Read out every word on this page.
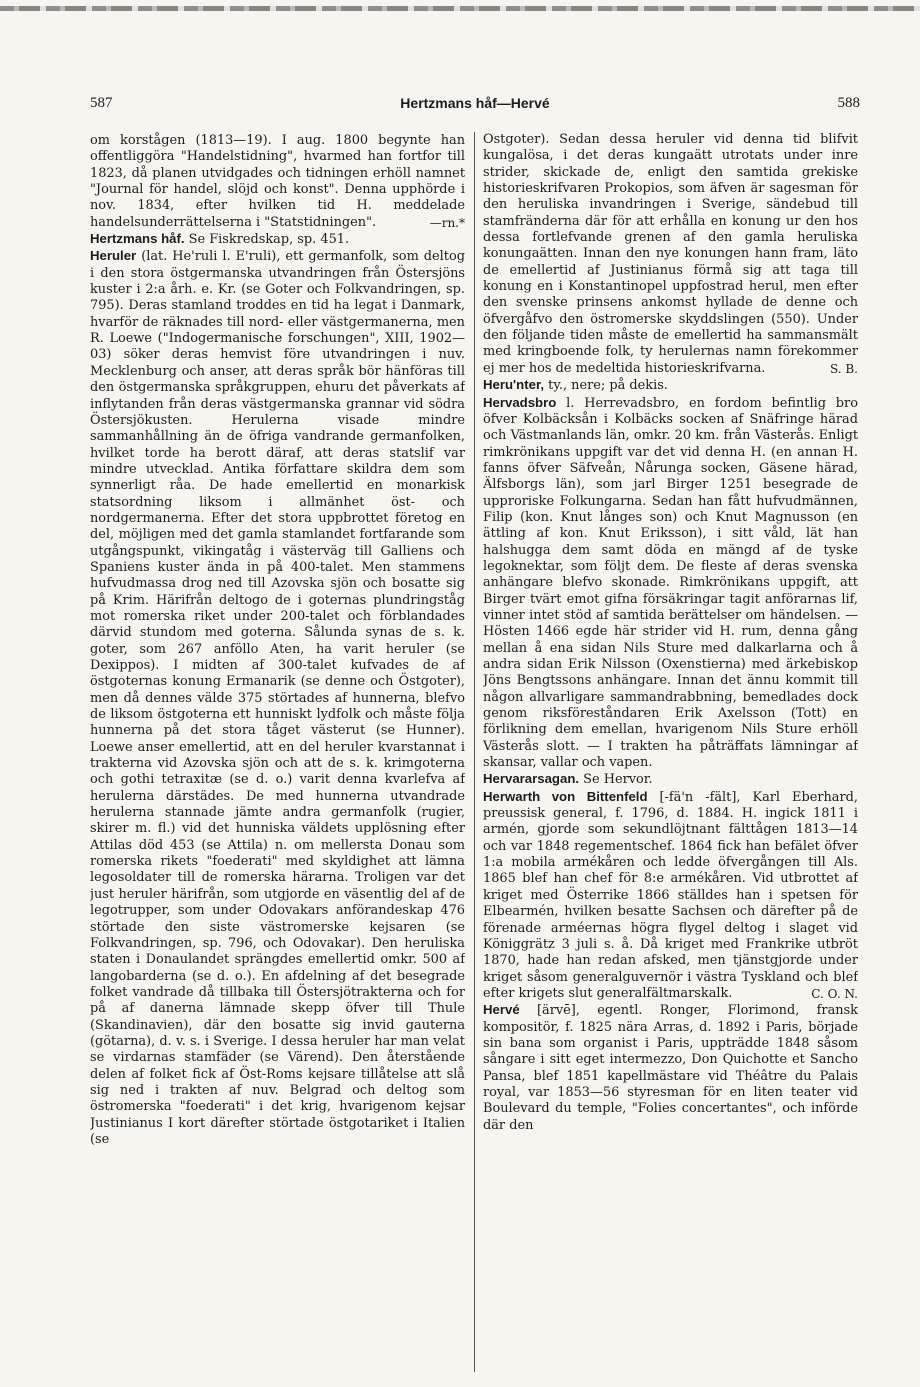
587	Hertzmans håf—Hervé	588

om korstågen (1813—19). I aug. 1800 begynte han offentliggöra "Handelstidning", hvarmed han fortfor till 1823, då planen utvidgades och tidningen erhöll namnet "Journal för handel, slöjd och konst". Denna upphörde i nov. 1834, efter hvilken tid H. meddelade handelsunderrättelserna i "Statstidningen".	—rn.*

Hertzmans håf. Se Fiskredskap, sp. 451.

Heruler (lat. He'ruli l. E'ruli), ett germanfolk, som deltog i den stora östgermanska utvandringen från Östersjöns kuster i 2:a årh. e. Kr. (se Goter och Folkvandringen, sp. 795). Deras stamland troddes en tid ha legat i Danmark, hvarför de räknades till nord- eller västgermanerna, men R. Loewe ("Indogermanische forschungen", XIII, 1902—03) söker deras hemvist före utvandringen i nuv. Mecklenburg och anser, att deras språk bör hänföras till den östgermanska språkgruppen, ehuru det påverkats af inflytanden från deras västgermanska grannar vid södra Östersjökusten. Herulerna visade mindre sammanhållning än de öfriga vandrande germanfolken, hvilket torde ha berott däraf, att deras statslif var mindre utvecklad. Antika författare skildra dem som synnerligt råa. De hade emellertid en monarkisk statsordning liksom i allmänhet öst- och nordgermanerna. Efter det stora uppbrottet företog en del, möjligen med det gamla stamlandet fortfarande som utgångspunkt, vikingatåg i västerväg till Galliens och Spaniens kuster ända in på 400-talet. Men stammens hufvudmassa drog ned till Azovska sjön och bosatte sig på Krim. Härifrån deltogo de i goternas plundringståg mot romerska riket under 200-talet och förblandades därvid stundom med goterna. Sålunda synas de s. k. goter, som 267 anföllo Aten, ha varit heruler (se Dexippos). I midten af 300-talet kufvades de af östgoternas konung Ermanarik (se denne och Östgoter), men då dennes välde 375 störtades af hunnerna, blefvo de liksom östgoterna ett hunniskt lydfolk och måste följa hunnerna på det stora tåget västerut (se Hunner). Loewe anser emellertid, att en del heruler kvarstannat i trakterna vid Azovska sjön och att de s. k. krimgoterna och gothi tetraxitæ (se d. o.) varit denna kvarlefva af herulerna därstädes. De med hunnerna utvandrade herulerna stannade jämte andra germanfolk (rugier, skirer m. fl.) vid det hunniska väldets upplösning efter Attilas död 453 (se Attila) n. om mellersta Donau som romerska rikets "foederati" med skyldighet att lämna legosoldater till de romerska härarna. Troligen var det just heruler härifrån, som utgjorde en väsentlig del af de legotrupper, som under Odovakars anförandeskap 476 störtade den siste västromerske kejsaren (se Folkvandringen, sp. 796, och Odovakar). Den heruliska staten i Donaulandet sprängdes emellertid omkr. 500 af langobarderna (se d. o.). En afdelning af det besegrade folket vandrade då tillbaka till Östersjötrakterna och for på af danerna lämnade skepp öfver till Thule (Skandinavien), där den bosatte sig invid gauterna (götarna), d. v. s. i Sverige. I dessa heruler har man velat se virdarnas stamfäder (se Värend). Den återstående delen af folket fick af Öst-Roms kejsare tillåtelse att slå sig ned i trakten af nuv. Belgrad och deltog som östromerska "foederati" i det krig, hvarigenom kejsar Justinianus I kort därefter störtade östgotariket i Italien (se

Östgoter). Sedan dessa heruler vid denna tid blifvit kungalösa, i det deras kungaätt utrotats under inre strider, skickade de, enligt den samtida grekiske historieskrifvaren Prokopios, som äfven är sagesman för den heruliska invandringen i Sverige, sändebud till stamfränderna där för att erhålla en konung ur den hos dessa fortlefvande grenen af den gamla heruliska konungaätten. Innan den nye konungen hann fram, läto de emellertid af Justinianus förmå sig att taga till konung en i Konstantinopel uppfostrad herul, men efter den svenske prinsens ankomst hyllade de denne och öfvergåfvo den östromerske skyddslingen (550). Under den följande tiden måste de emellertid ha sammansmält med kringboende folk, ty herulernas namn förekommer ej mer hos de medeltida historieskrifvarna.	S. B.

Heru'nter, ty., nere; på dekis.

Hervadsbro l. Herrevadsbro, en fordom befintlig bro öfver Kolbäcksån i Kolbäcks socken af Snäfringe härad och Västmanlands län, omkr. 20 km. från Västerås. Enligt rimkrönikans uppgift var det vid denna H. (en annan H. fanns öfver Säfveån, Nårunga socken, Gäsene härad, Älfsborgs län), som jarl Birger 1251 besegrade de upproriske Folkungarna. Sedan han fått hufvudmännen, Filip (kon. Knut långes son) och Knut Magnusson (en ättling af kon. Knut Eriksson), i sitt våld, lät han halshugga dem samt döda en mängd af de tyske legoknektar, som följt dem. De fleste af deras svenska anhängare blefvo skonade. Rimkrönikans uppgift, att Birger tvärt emot gifna försäkringar tagit anförarnas lif, vinner intet stöd af samtida berättelser om händelsen. — Hösten 1466 egde här strider vid H. rum, denna gång mellan å ena sidan Nils Sture med dalkarlarna och å andra sidan Erik Nilsson (Oxenstierna) med ärkebiskop Jöns Bengtssons anhängare. Innan det ännu kommit till någon allvarligare sammandrabbning, bemedlades dock genom riksföreståndaren Erik Axelsson (Tott) en förlikning dem emellan, hvarigenom Nils Sture erhöll Västerås slott. — I trakten ha påträffats lämningar af skansar, vallar och vapen.

Hervararsagan. Se Hervor.

Herwarth von Bittenfeld [-fä'n -fält], Karl Eberhard, preussisk general, f. 1796, d. 1884. H. ingick 1811 i armén, gjorde som sekundlöjtnant fälttågen 1813—14 och var 1848 regementschef. 1864 fick han befälet öfver 1:a mobila armékåren och ledde öfvergången till Als. 1865 blef han chef för 8:e armékåren. Vid utbrottet af kriget med Österrike 1866 ställdes han i spetsen för Elbearmén, hvilken besatte Sachsen och därefter på de förenade arméernas högra flygel deltog i slaget vid Königgrätz 3 juli s. å. Då kriget med Frankrike utbröt 1870, hade han redan afsked, men tjänstgjorde under kriget såsom generalguvernör i västra Tyskland och blef efter krigets slut generalfältmarskalk.	C. O. N.

Hervé [ärvē], egentl. Ronger, Florimond, fransk kompositör, f. 1825 nära Arras, d. 1892 i Paris, började sin bana som organist i Paris, uppträdde 1848 såsom sångare i sitt eget intermezzo, Don Quichotte et Sancho Pansa, blef 1851 kapellmästare vid Théâtre du Palais royal, var 1853—56 styresman för en liten teater vid Boulevard du temple, "Folies concertantes", och införde där den
